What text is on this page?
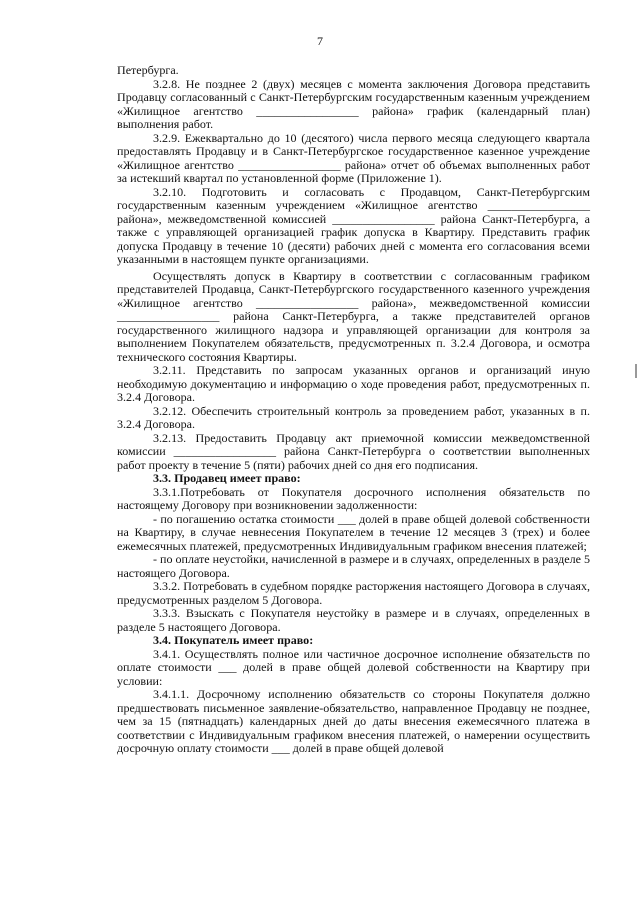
7

Петербурга.

3.2.8. Не позднее 2 (двух) месяцев с момента заключения Договора представить Продавцу согласованный с Санкт-Петербургским государственным казенным учреждением «Жилищное агентство _________________ района» график (календарный план) выполнения работ.

3.2.9. Ежеквартально до 10 (десятого) числа первого месяца следующего квартала предоставлять Продавцу и в Санкт-Петербургское государственное казенное учреждение «Жилищное агентство _________________ района» отчет об объемах выполненных работ за истекший квартал по установленной форме (Приложение 1).

3.2.10. Подготовить и согласовать с Продавцом, Санкт-Петербургским государственным казенным учреждением «Жилищное агентство _________________ района», межведомственной комиссией _________________ района Санкт-Петербурга, а также с управляющей организацией график допуска в Квартиру. Представить график допуска Продавцу в течение 10 (десяти) рабочих дней с момента его согласования всеми указанными в настоящем пункте организациями.

Осуществлять допуск в Квартиру в соответствии с согласованным графиком представителей Продавца, Санкт-Петербургского государственного казенного учреждения «Жилищное агентство _________________ района», межведомственной комиссии _________________ района Санкт-Петербурга, а также представителей органов государственного жилищного надзора и управляющей организации для контроля за выполнением Покупателем обязательств, предусмотренных п. 3.2.4 Договора, и осмотра технического состояния Квартиры.

3.2.11. Представить по запросам указанных органов и организаций иную необходимую документацию и информацию о ходе проведения работ, предусмотренных п. 3.2.4 Договора.

3.2.12. Обеспечить строительный контроль за проведением работ, указанных в п. 3.2.4 Договора.

3.2.13. Предоставить Продавцу акт приемочной комиссии межведомственной комиссии _________________ района Санкт-Петербурга о соответствии выполненных работ проекту в течение 5 (пяти) рабочих дней со дня его подписания.

3.3. Продавец имеет право:

3.3.1.Потребовать от Покупателя досрочного исполнения обязательств по настоящему Договору при возникновении задолженности:

- по погашению остатка стоимости ___ долей в праве общей долевой собственности на Квартиру, в случае невнесения Покупателем в течение 12 месяцев 3 (трех) и более ежемесячных платежей, предусмотренных Индивидуальным графиком внесения платежей;

- по оплате неустойки, начисленной в размере и в случаях, определенных в разделе 5 настоящего Договора.

3.3.2. Потребовать в судебном порядке расторжения настоящего Договора в случаях, предусмотренных разделом 5 Договора.

3.3.3. Взыскать с Покупателя неустойку в размере и в случаях, определенных в разделе 5 настоящего Договора.

3.4. Покупатель имеет право:

3.4.1. Осуществлять полное или частичное досрочное исполнение обязательств по оплате стоимости ___ долей в праве общей долевой собственности на Квартиру при условии:

3.4.1.1. Досрочному исполнению обязательств со стороны Покупателя должно предшествовать письменное заявление-обязательство, направленное Продавцу не позднее, чем за 15 (пятнадцать) календарных дней до даты внесения ежемесячного платежа в соответствии с Индивидуальным графиком внесения платежей, о намерении осуществить досрочную оплату стоимости ___ долей в праве общей долевой
